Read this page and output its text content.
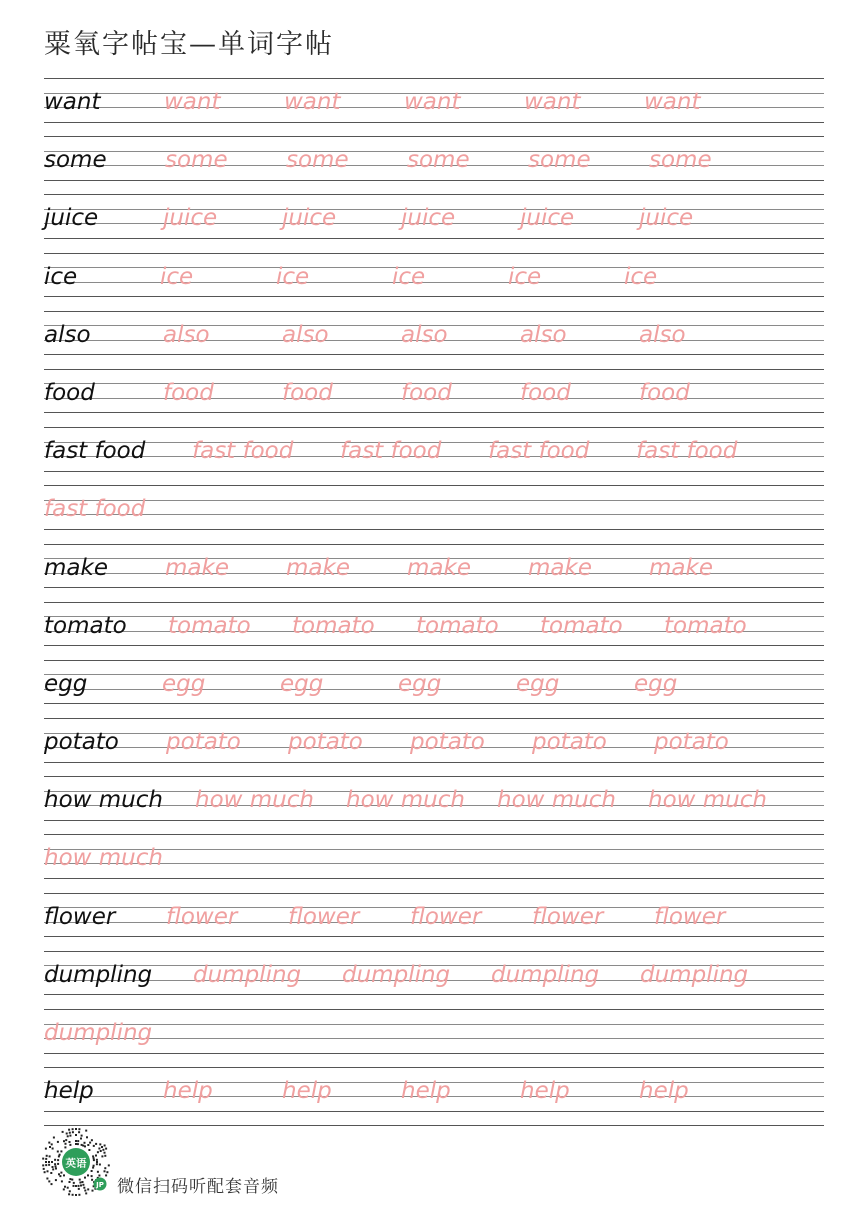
粟氧字帖宝—单词字帖
want	want	want	want	want	want
some	some	some	some	some	some
juice	juice	juice	juice	juice	juice
ice	ice	ice	ice	ice	ice
also	also	also	also	also	also
food	food	food	food	food	food
fast food	fast food	fast food	fast food	fast food
fast food
make	make	make	make	make	make
tomato	tomato	tomato	tomato	tomato	tomato
egg	egg	egg	egg	egg	egg
potato	potato	potato	potato	potato	potato
how much	how much	how much	how much	how much
how much
flower	flower	flower	flower	flower	flower
dumpling	dumpling	dumpling	dumpling	dumpling
dumpling
help	help	help	help	help	help
英语
JP 微信扫码听配套音频
